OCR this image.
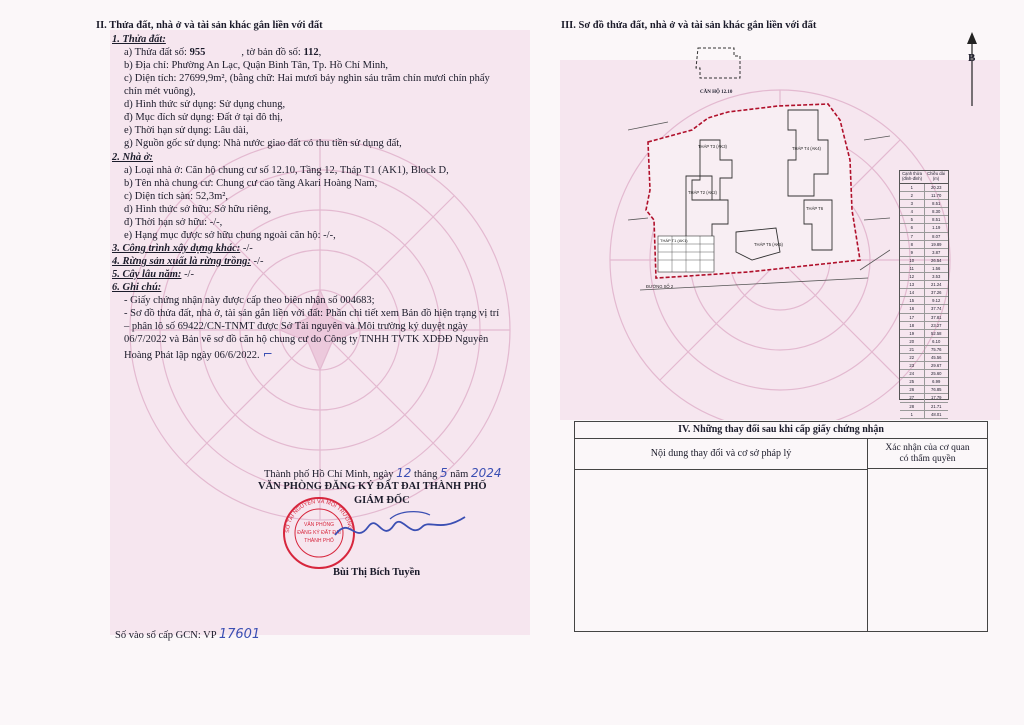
II. Thửa đất, nhà ở và tài sản khác gắn liền với đất
1. Thửa đất:
a) Thửa đất số: 955	, tờ bản đồ số: 112,
b) Địa chỉ: Phường An Lạc, Quận Bình Tân, Tp. Hồ Chí Minh,
c) Diện tích: 27699,9m², (bằng chữ: Hai mươi bảy nghìn sáu trăm chín mươi chín phẩy
chín mét vuông),
d) Hình thức sử dụng: Sử dụng chung,
đ) Mục đích sử dụng: Đất ở tại đô thị,
e) Thời hạn sử dụng: Lâu dài,
g) Nguồn gốc sử dụng: Nhà nước giao đất có thu tiền sử dụng đất,
2. Nhà ở:
a) Loại nhà ở: Căn hộ chung cư số 12.10, Tầng 12, Tháp T1 (AK1), Block D,
b) Tên nhà chung cư: Chung cư cao tầng Akari Hoàng Nam,
c) Diện tích sàn: 52,3m²,
d) Hình thức sở hữu: Sở hữu riêng,
đ) Thời hạn sở hữu: -/-,
e) Hạng mục được sở hữu chung ngoài căn hộ: -/-,
3. Công trình xây dựng khác: -/-
4. Rừng sản xuất là rừng trồng: -/-
5. Cây lâu năm: -/-
6. Ghi chú:
- Giấy chứng nhận này được cấp theo biên nhận số 004683;
- Sơ đồ thửa đất, nhà ở, tài sản gắn liền với đất: Phần chi tiết xem Bản đồ hiện trạng vị trí
– phân lô số 69422/CN-TNMT được Sở Tài nguyên và Môi trường ký duyệt ngày
06/7/2022 và Bản vẽ sơ đồ căn hộ chung cư do Công ty TNHH TVTK XDĐĐ Nguyên
Hoàng Phát lập ngày 06/6/2022. ⌐
Thành phố Hồ Chí Minh, ngày 12 tháng 5 năm 2024
VĂN PHÒNG ĐĂNG KÝ ĐẤT ĐAI THÀNH PHỐ
GIÁM ĐỐC
SỞ TÀI NGUYÊN VÀ MÔI TRƯỜNG
VĂN PHÒNG
ĐĂNG KÝ ĐẤT ĐAI
THÀNH PHỐ
Bùi Thị Bích Tuyền
Số vào sổ cấp GCN: VP 17601
III. Sơ đồ thửa đất, nhà ở và tài sản khác gắn liền với đất
B
CĂN HỘ 12.10
THÁP T3 (AK3)
THÁP T2 (AK2)
THÁP T4 (AK4)
THÁP T6
THÁP T5 (AK5)
ĐƯỜNG SỐ 2
THÁP T1 (AK1)
Cạnh thửa (đỉnh-đỉnh)
Chiều dài (m)
1	20.23
2	11.70
3	8.51
4	8.30
5	8.51
6	1.19
7	8.07
8	19.89
9	3.87
10	26.54
11	1.56
12	3.53
13	21.24
14	37.26
15	9.12
16	37.74
17	37.81
18	23.27
19	52.58
20	6.10
21	75.76
22	45.56
23	29.67
24	25.60
25	6.99
26	76.85
27	17.79
28	21.71
1	48.01
IV. Những thay đổi sau khi cấp giấy chứng nhận
Nội dung thay đổi và cơ sở pháp lý	Xác nhận của cơ quan
có thẩm quyền
